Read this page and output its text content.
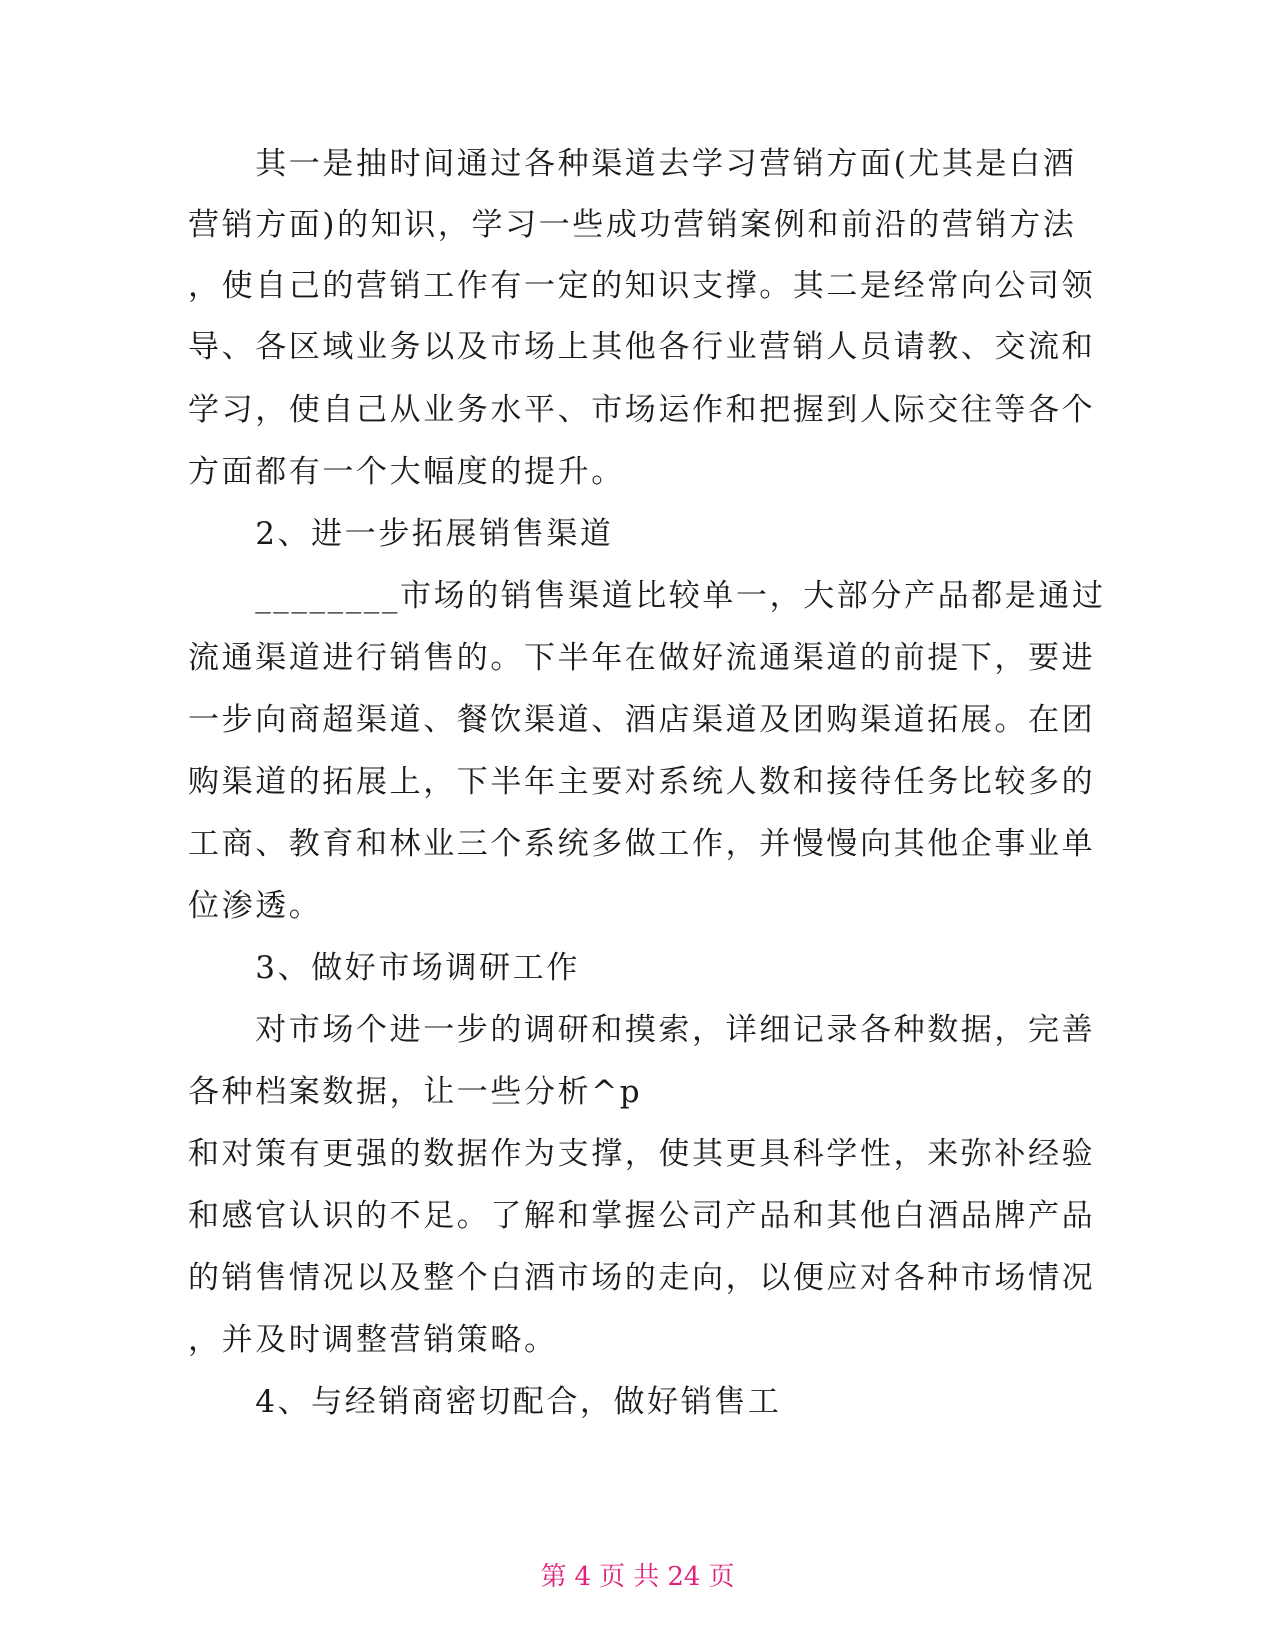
　　其一是抽时间通过各种渠道去学习营销方面(尤其是白酒
营销方面)的知识，学习一些成功营销案例和前沿的营销方法
，使自己的营销工作有一定的知识支撑。其二是经常向公司领
导、各区域业务以及市场上其他各行业营销人员请教、交流和
学习，使自己从业务水平、市场运作和把握到人际交往等各个
方面都有一个大幅度的提升。
　　2、进一步拓展销售渠道
　　________市场的销售渠道比较单一，大部分产品都是通过
流通渠道进行销售的。下半年在做好流通渠道的前提下，要进
一步向商超渠道、餐饮渠道、酒店渠道及团购渠道拓展。在团
购渠道的拓展上，下半年主要对系统人数和接待任务比较多的
工商、教育和林业三个系统多做工作，并慢慢向其他企事业单
位渗透。
　　3、做好市场调研工作
　　对市场个进一步的调研和摸索，详细记录各种数据，完善
各种档案数据，让一些分析^p
和对策有更强的数据作为支撑，使其更具科学性，来弥补经验
和感官认识的不足。了解和掌握公司产品和其他白酒品牌产品
的销售情况以及整个白酒市场的走向，以便应对各种市场情况
，并及时调整营销策略。
　　4、与经销商密切配合，做好销售工
第 4 页 共 24 页
